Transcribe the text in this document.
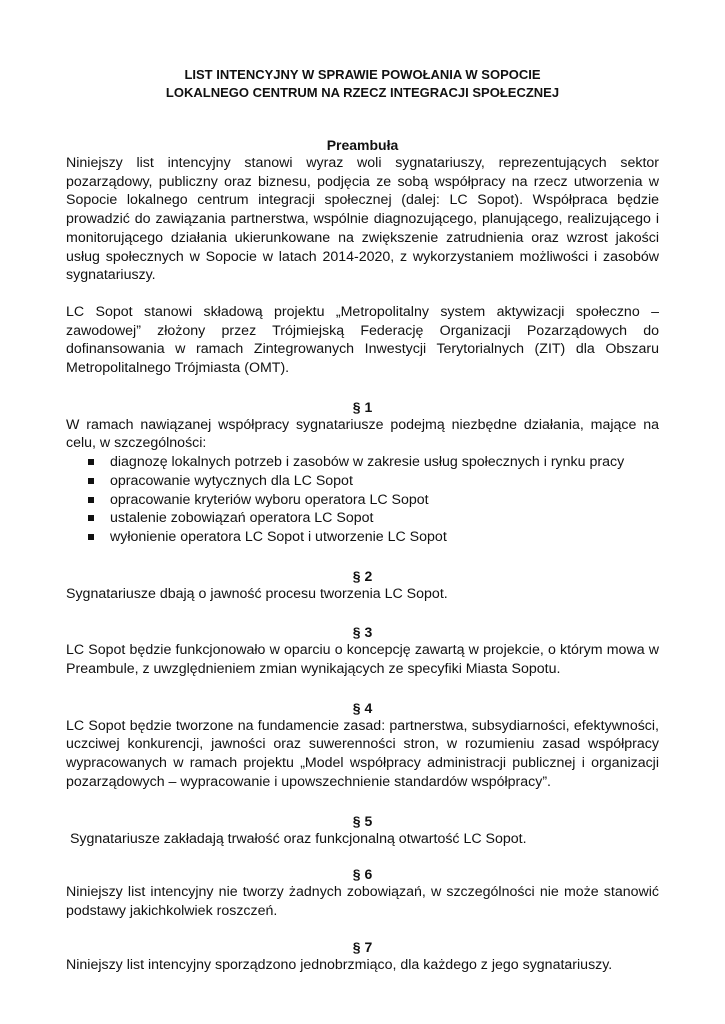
LIST INTENCYJNY W SPRAWIE POWOŁANIA W SOPOCIE
LOKALNEGO CENTRUM NA RZECZ INTEGRACJI SPOŁECZNEJ
Preambuła

Niniejszy list intencyjny stanowi wyraz woli sygnatariuszy, reprezentujących sektor pozarządowy, publiczny oraz biznesu, podjęcia ze sobą współpracy na rzecz utworzenia w Sopocie lokalnego centrum integracji społecznej (dalej: LC Sopot). Współpraca będzie prowadzić do zawiązania partnerstwa, wspólnie diagnozującego, planującego, realizującego i monitorującego działania ukierunkowane na zwiększenie zatrudnienia oraz wzrost jakości usług społecznych w Sopocie w latach 2014-2020, z wykorzystaniem możliwości i zasobów sygnatariuszy.

LC Sopot stanowi składową projektu „Metropolitalny system aktywizacji społeczno – zawodowej” złożony przez Trójmiejską Federację Organizacji Pozarządowych do dofinansowania w ramach Zintegrowanych Inwestycji Terytorialnych (ZIT) dla Obszaru Metropolitalnego Trójmiasta (OMT).

§ 1

W ramach nawiązanej współpracy sygnatariusze podejmą niezbędne działania, mające na celu, w szczególności:

diagnozę lokalnych potrzeb i zasobów w zakresie usług społecznych i rynku pracy
opracowanie wytycznych dla LC Sopot
opracowanie kryteriów wyboru operatora LC Sopot
ustalenie zobowiązań operatora LC Sopot
wyłonienie operatora LC Sopot i utworzenie LC Sopot
§ 2

Sygnatariusze dbają o jawność procesu tworzenia LC Sopot.

§ 3

LC Sopot będzie funkcjonowało w oparciu o koncepcję zawartą w projekcie, o którym mowa w Preambule, z uwzględnieniem zmian wynikających ze specyfiki Miasta Sopotu.

§ 4

LC Sopot będzie tworzone na fundamencie zasad: partnerstwa, subsydiarności, efektywności, uczciwej konkurencji, jawności oraz suwerenności stron, w rozumieniu zasad współpracy wypracowanych w ramach projektu „Model współpracy administracji publicznej i organizacji pozarządowych – wypracowanie i upowszechnienie standardów współpracy”.

§ 5

Sygnatariusze zakładają trwałość oraz funkcjonalną otwartość LC Sopot.

§ 6

Niniejszy list intencyjny nie tworzy żadnych zobowiązań, w szczególności nie może stanowić podstawy jakichkolwiek roszczeń.

§ 7

Niniejszy list intencyjny sporządzono jednobrzmiąco, dla każdego z jego sygnatariuszy.
